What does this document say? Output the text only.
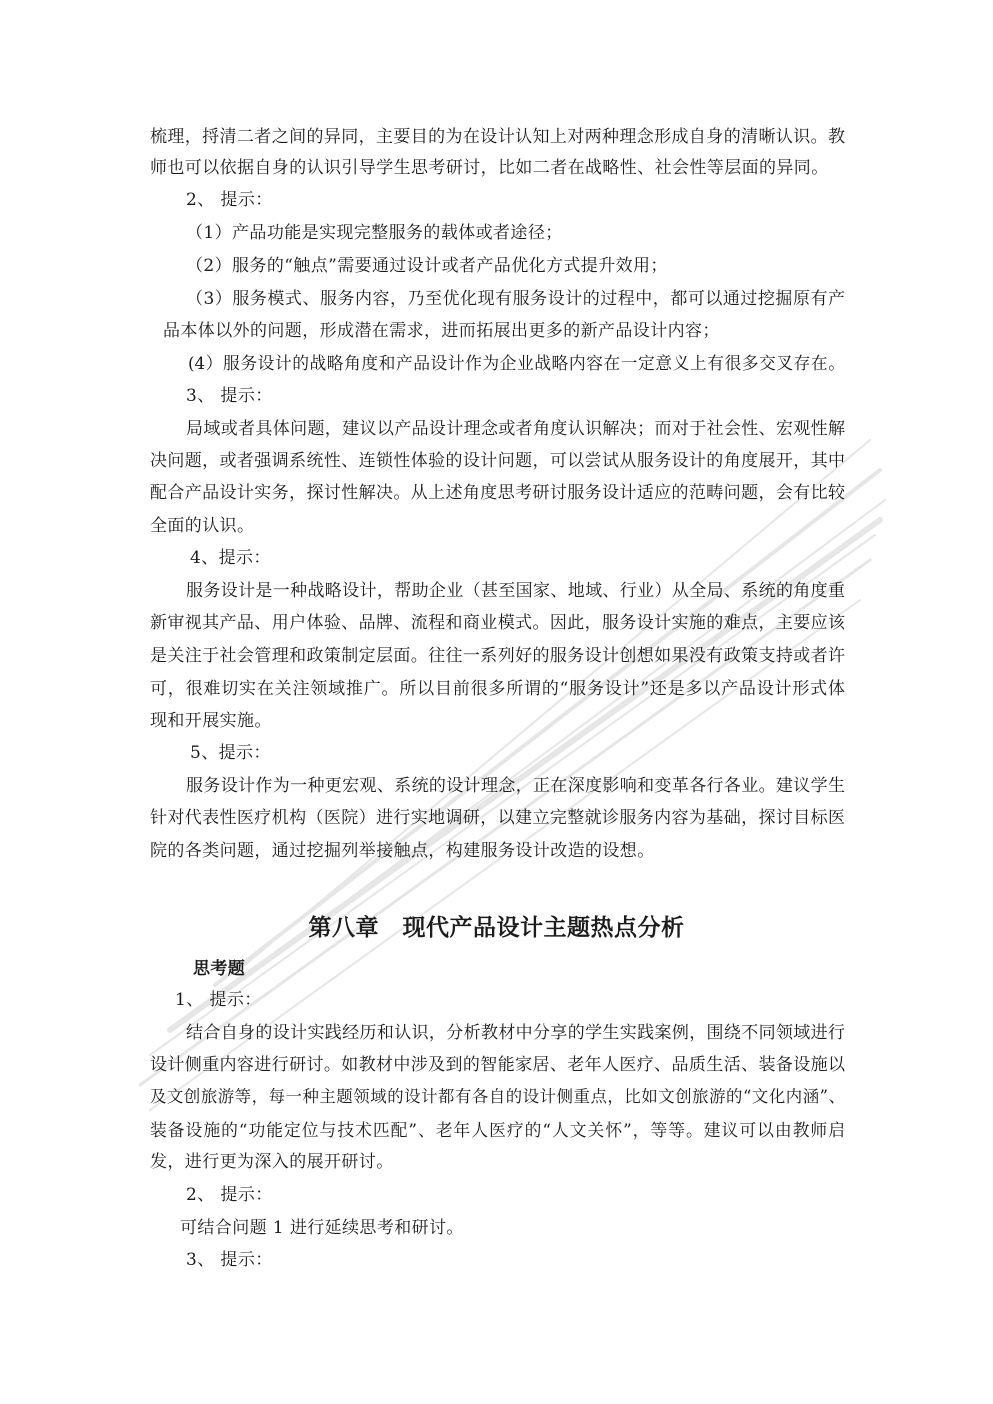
梳理，捋清二者之间的异同，主要目的为在设计认知上对两种理念形成自身的清晰认识。教
师也可以依据自身的认识引导学生思考研讨，比如二者在战略性、社会性等层面的异同。
2、 提示：
（1）产品功能是实现完整服务的载体或者途径；
（2）服务的“触点”需要通过设计或者产品优化方式提升效用；
（3）服务模式、服务内容，乃至优化现有服务设计的过程中，都可以通过挖掘原有产
品本体以外的问题，形成潜在需求，进而拓展出更多的新产品设计内容；
(4）服务设计的战略角度和产品设计作为企业战略内容在一定意义上有很多交叉存在。
3、 提示：
局域或者具体问题，建议以产品设计理念或者角度认识解决；而对于社会性、宏观性解
决问题，或者强调系统性、连锁性体验的设计问题，可以尝试从服务设计的角度展开，其中
配合产品设计实务，探讨性解决。从上述角度思考研讨服务设计适应的范畴问题，会有比较
全面的认识。
4、提示：
服务设计是一种战略设计，帮助企业（甚至国家、地域、行业）从全局、系统的角度重
新审视其产品、用户体验、品牌、流程和商业模式。因此，服务设计实施的难点，主要应该
是关注于社会管理和政策制定层面。往往一系列好的服务设计创想如果没有政策支持或者许
可，很难切实在关注领域推广。所以目前很多所谓的“服务设计”还是多以产品设计形式体
现和开展实施。
5、提示：
服务设计作为一种更宏观、系统的设计理念，正在深度影响和变革各行各业。建议学生
针对代表性医疗机构（医院）进行实地调研，以建立完整就诊服务内容为基础，探讨目标医
院的各类问题，通过挖掘列举接触点，构建服务设计改造的设想。
第八章　现代产品设计主题热点分析
思考题
1、 提示：
结合自身的设计实践经历和认识，分析教材中分享的学生实践案例，围绕不同领域进行
设计侧重内容进行研讨。如教材中涉及到的智能家居、老年人医疗、品质生活、装备设施以
及文创旅游等，每一种主题领域的设计都有各自的设计侧重点，比如文创旅游的“文化内涵”、
装备设施的“功能定位与技术匹配”、老年人医疗的“人文关怀”，等等。建议可以由教师启
发，进行更为深入的展开研讨。
2、 提示：
可结合问题 1 进行延续思考和研讨。
3、 提示：
